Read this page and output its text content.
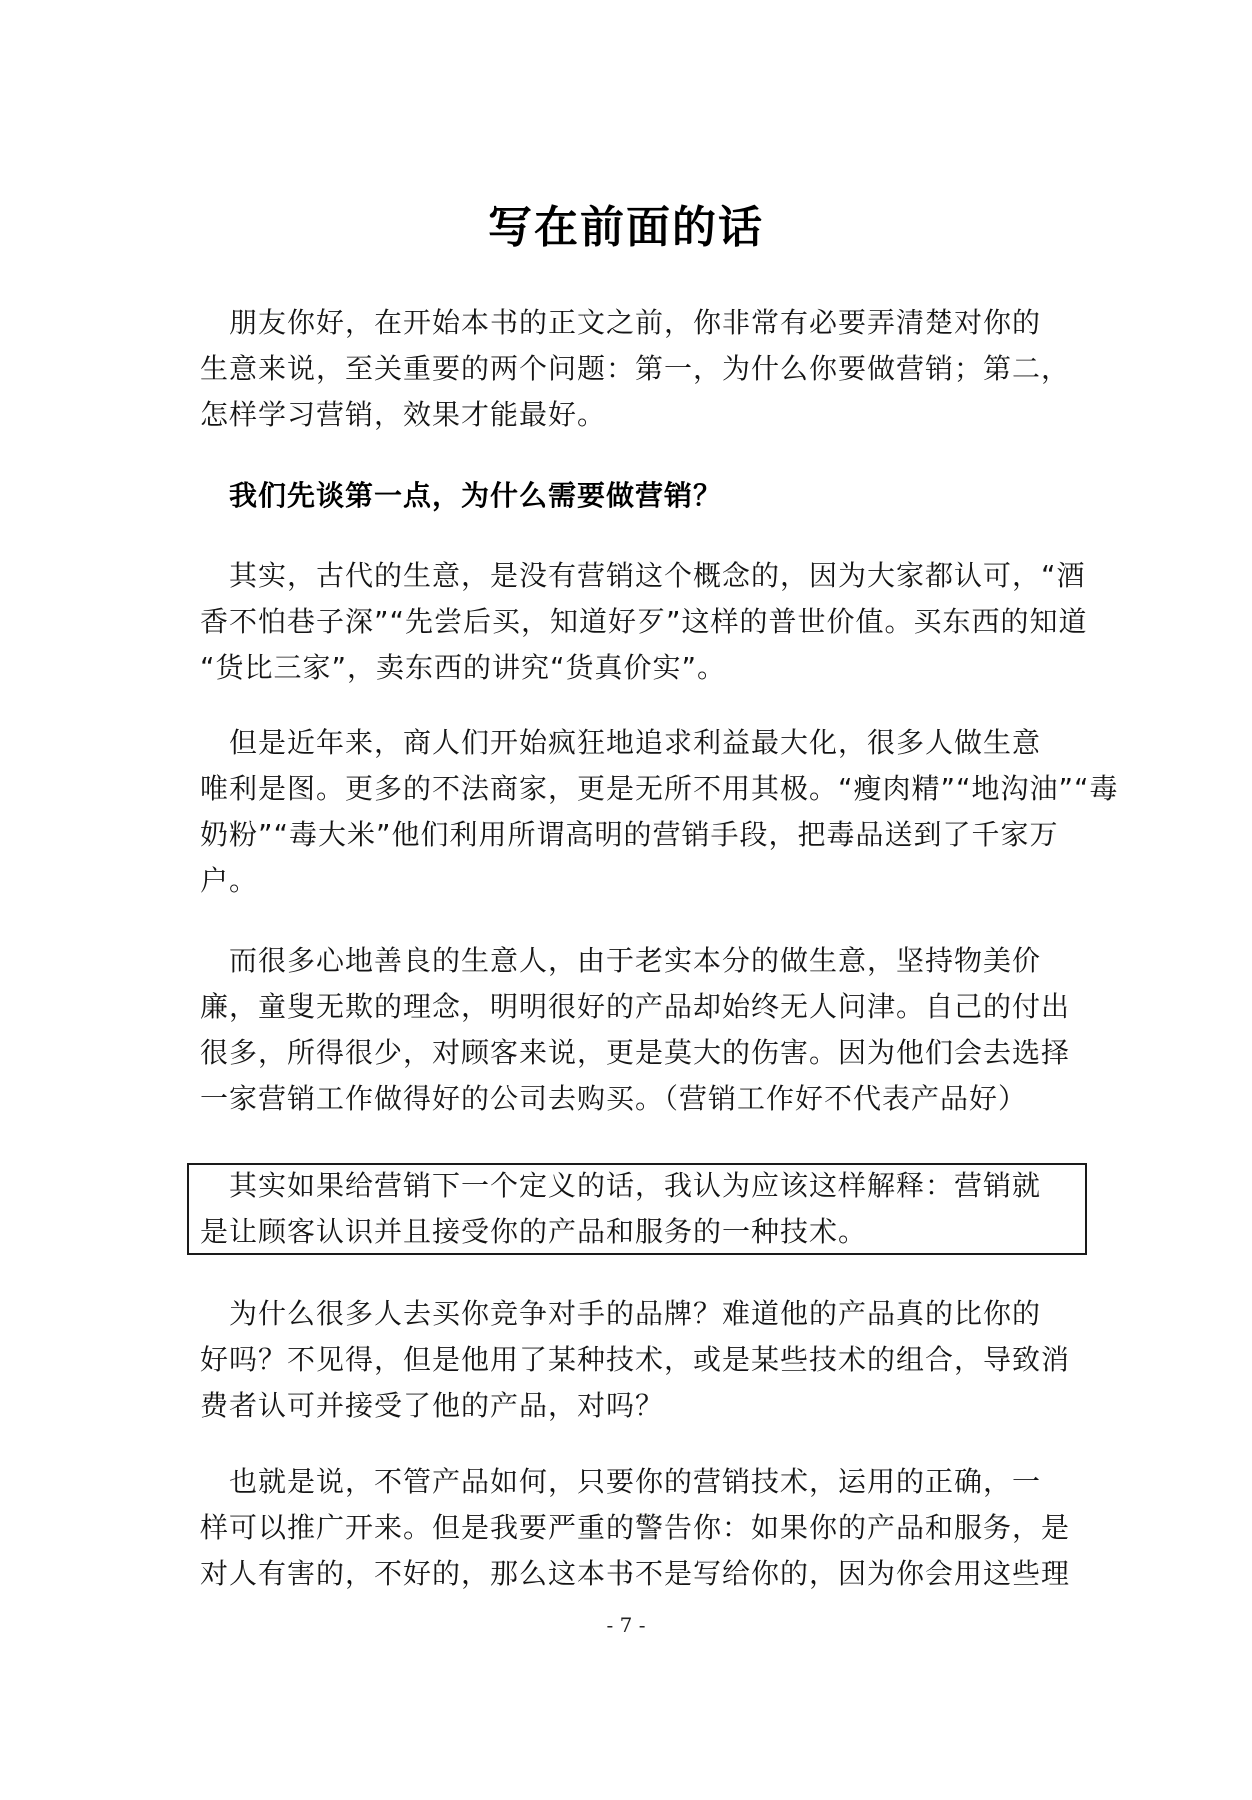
写在前面的话
　朋友你好，在开始本书的正文之前，你非常有必要弄清楚对你的
生意来说，至关重要的两个问题：第一，为什么你要做营销；第二，
怎样学习营销，效果才能最好。
　我们先谈第一点，为什么需要做营销？
　其实，古代的生意，是没有营销这个概念的，因为大家都认可，“酒
香不怕巷子深”“先尝后买，知道好歹”这样的普世价值。买东西的知道
“货比三家”，卖东西的讲究“货真价实”。
　但是近年来，商人们开始疯狂地追求利益最大化，很多人做生意
唯利是图。更多的不法商家，更是无所不用其极。“瘦肉精”“地沟油”“毒
奶粉”“毒大米”他们利用所谓高明的营销手段，把毒品送到了千家万
户。
　而很多心地善良的生意人，由于老实本分的做生意，坚持物美价
廉，童叟无欺的理念，明明很好的产品却始终无人问津。自己的付出
很多，所得很少，对顾客来说，更是莫大的伤害。因为他们会去选择
一家营销工作做得好的公司去购买。（营销工作好不代表产品好）
　其实如果给营销下一个定义的话，我认为应该这样解释：营销就
是让顾客认识并且接受你的产品和服务的一种技术。
　为什么很多人去买你竞争对手的品牌？难道他的产品真的比你的
好吗？不见得，但是他用了某种技术，或是某些技术的组合，导致消
费者认可并接受了他的产品，对吗？
　也就是说，不管产品如何，只要你的营销技术，运用的正确，一
样可以推广开来。但是我要严重的警告你：如果你的产品和服务，是
对人有害的，不好的，那么这本书不是写给你的，因为你会用这些理
- 7 -
